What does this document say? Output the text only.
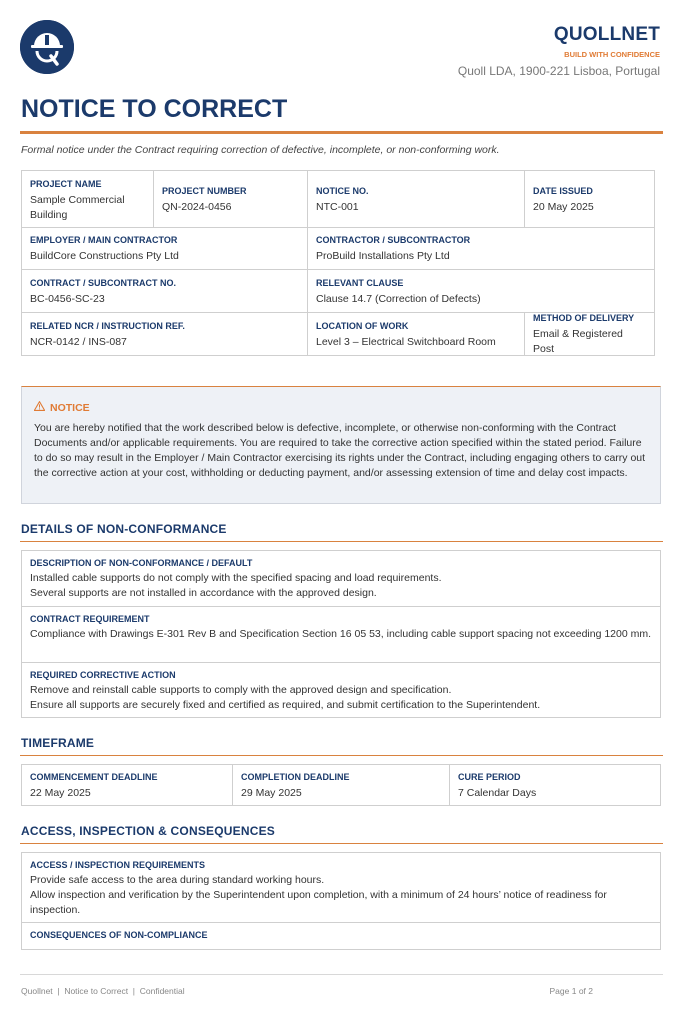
QUOLLNET
BUILD WITH CONFIDENCE
Quoll LDA, 1900-221 Lisboa, Portugal
NOTICE TO CORRECT
Formal notice under the Contract requiring correction of defective, incomplete, or non-conforming work.
PROJECT NAME
Sample Commercial Building
PROJECT NUMBER
QN-2024-0456
NOTICE NO.
NTC-001
DATE ISSUED
20 May 2025
EMPLOYER / MAIN CONTRACTOR
BuildCore Constructions Pty Ltd
CONTRACTOR / SUBCONTRACTOR
ProBuild Installations Pty Ltd
CONTRACT / SUBCONTRACT NO.
BC-0456-SC-23
RELEVANT CLAUSE
Clause 14.7 (Correction of Defects)
RELATED NCR / INSTRUCTION REF.
NCR-0142 / INS-087
LOCATION OF WORK
Level 3 – Electrical Switchboard Room
METHOD OF DELIVERY
Email & Registered Post
NOTICE
You are hereby notified that the work described below is defective, incomplete, or otherwise non-conforming with the Contract Documents and/or applicable requirements. You are required to take the corrective action specified within the stated period. Failure to do so may result in the Employer / Main Contractor exercising its rights under the Contract, including engaging others to carry out the corrective action at your cost, withholding or deducting payment, and/or assessing extension of time and delay cost impacts.
DETAILS OF NON-CONFORMANCE
DESCRIPTION OF NON-CONFORMANCE / DEFAULT
Installed cable supports do not comply with the specified spacing and load requirements.
Several supports are not installed in accordance with the approved design.
CONTRACT REQUIREMENT
Compliance with Drawings E-301 Rev B and Specification Section 16 05 53, including cable support spacing not exceeding 1200 mm.
REQUIRED CORRECTIVE ACTION
Remove and reinstall cable supports to comply with the approved design and specification.
Ensure all supports are securely fixed and certified as required, and submit certification to the Superintendent.
TIMEFRAME
COMMENCEMENT DEADLINE
22 May 2025
COMPLETION DEADLINE
29 May 2025
CURE PERIOD
7 Calendar Days
ACCESS, INSPECTION & CONSEQUENCES
ACCESS / INSPECTION REQUIREMENTS
Provide safe access to the area during standard working hours.
Allow inspection and verification by the Superintendent upon completion, with a minimum of 24 hours’ notice of readiness for inspection.
CONSEQUENCES OF NON-COMPLIANCE
Quollnet  |  Notice to Correct  |  Confidential	Page 1 of 2
